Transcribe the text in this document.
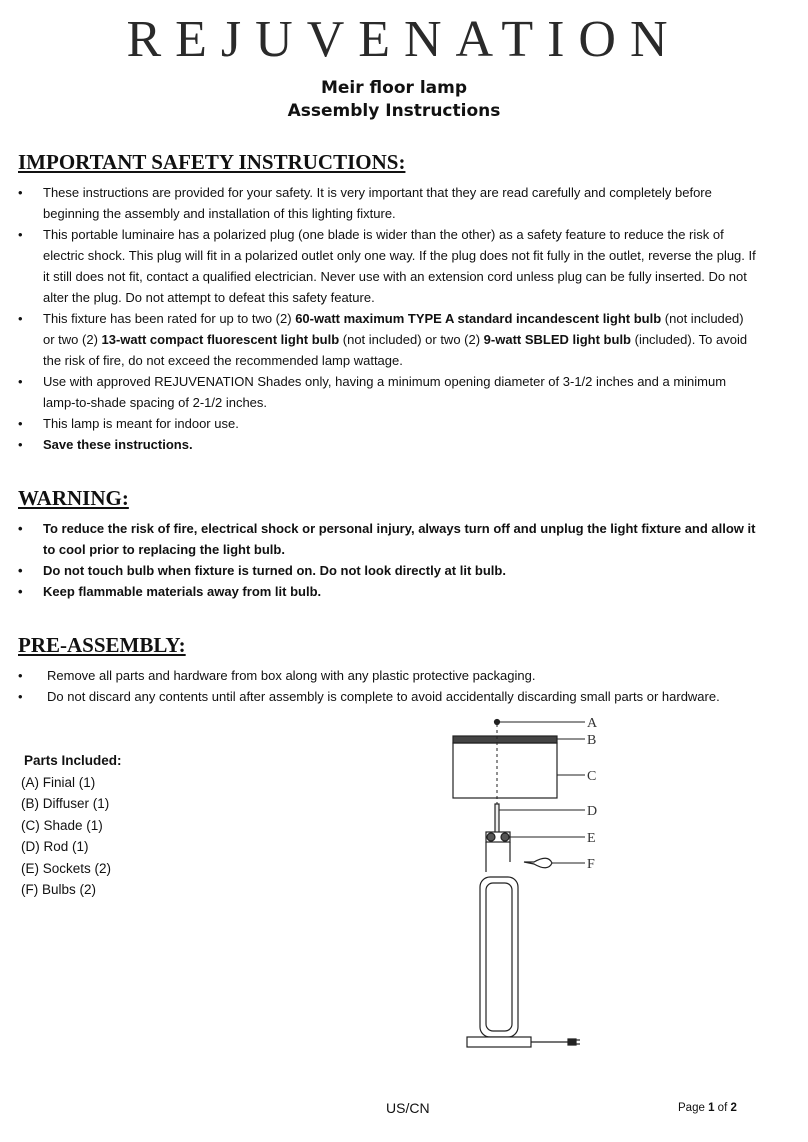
REJUVENATION
Meir floor lamp
Assembly Instructions
IMPORTANT SAFETY INSTRUCTIONS:
• These instructions are provided for your safety. It is very important that they are read carefully and completely before beginning the assembly and installation of this lighting fixture.
• This portable luminaire has a polarized plug (one blade is wider than the other) as a safety feature to reduce the risk of electric shock. This plug will fit in a polarized outlet only one way. If the plug does not fit fully in the outlet, reverse the plug. If it still does not fit, contact a qualified electrician. Never use with an extension cord unless plug can be fully inserted. Do not alter the plug. Do not attempt to defeat this safety feature.
• This fixture has been rated for up to two (2) 60-watt maximum TYPE A standard incandescent light bulb (not included) or two (2) 13-watt compact fluorescent light bulb (not included) or two (2) 9-watt SBLED light bulb (included). To avoid the risk of fire, do not exceed the recommended lamp wattage.
• Use with approved REJUVENATION Shades only, having a minimum opening diameter of 3-1/2 inches and a minimum lamp-to-shade spacing of 2-1/2 inches.
• This lamp is meant for indoor use.
• Save these instructions.
WARNING:
• To reduce the risk of fire, electrical shock or personal injury, always turn off and unplug the light fixture and allow it to cool prior to replacing the light bulb.
• Do not touch bulb when fixture is turned on. Do not look directly at lit bulb.
• Keep flammable materials away from lit bulb.
PRE-ASSEMBLY:
• Remove all parts and hardware from box along with any plastic protective packaging.
• Do not discard any contents until after assembly is complete to avoid accidentally discarding small parts or hardware.
Parts Included:
(A) Finial (1)
(B) Diffuser (1)
(C) Shade (1)
(D) Rod (1)
(E) Sockets (2)
(F) Bulbs (2)
A
B
C
D
E
F
US/CN	Page 1 of 2
